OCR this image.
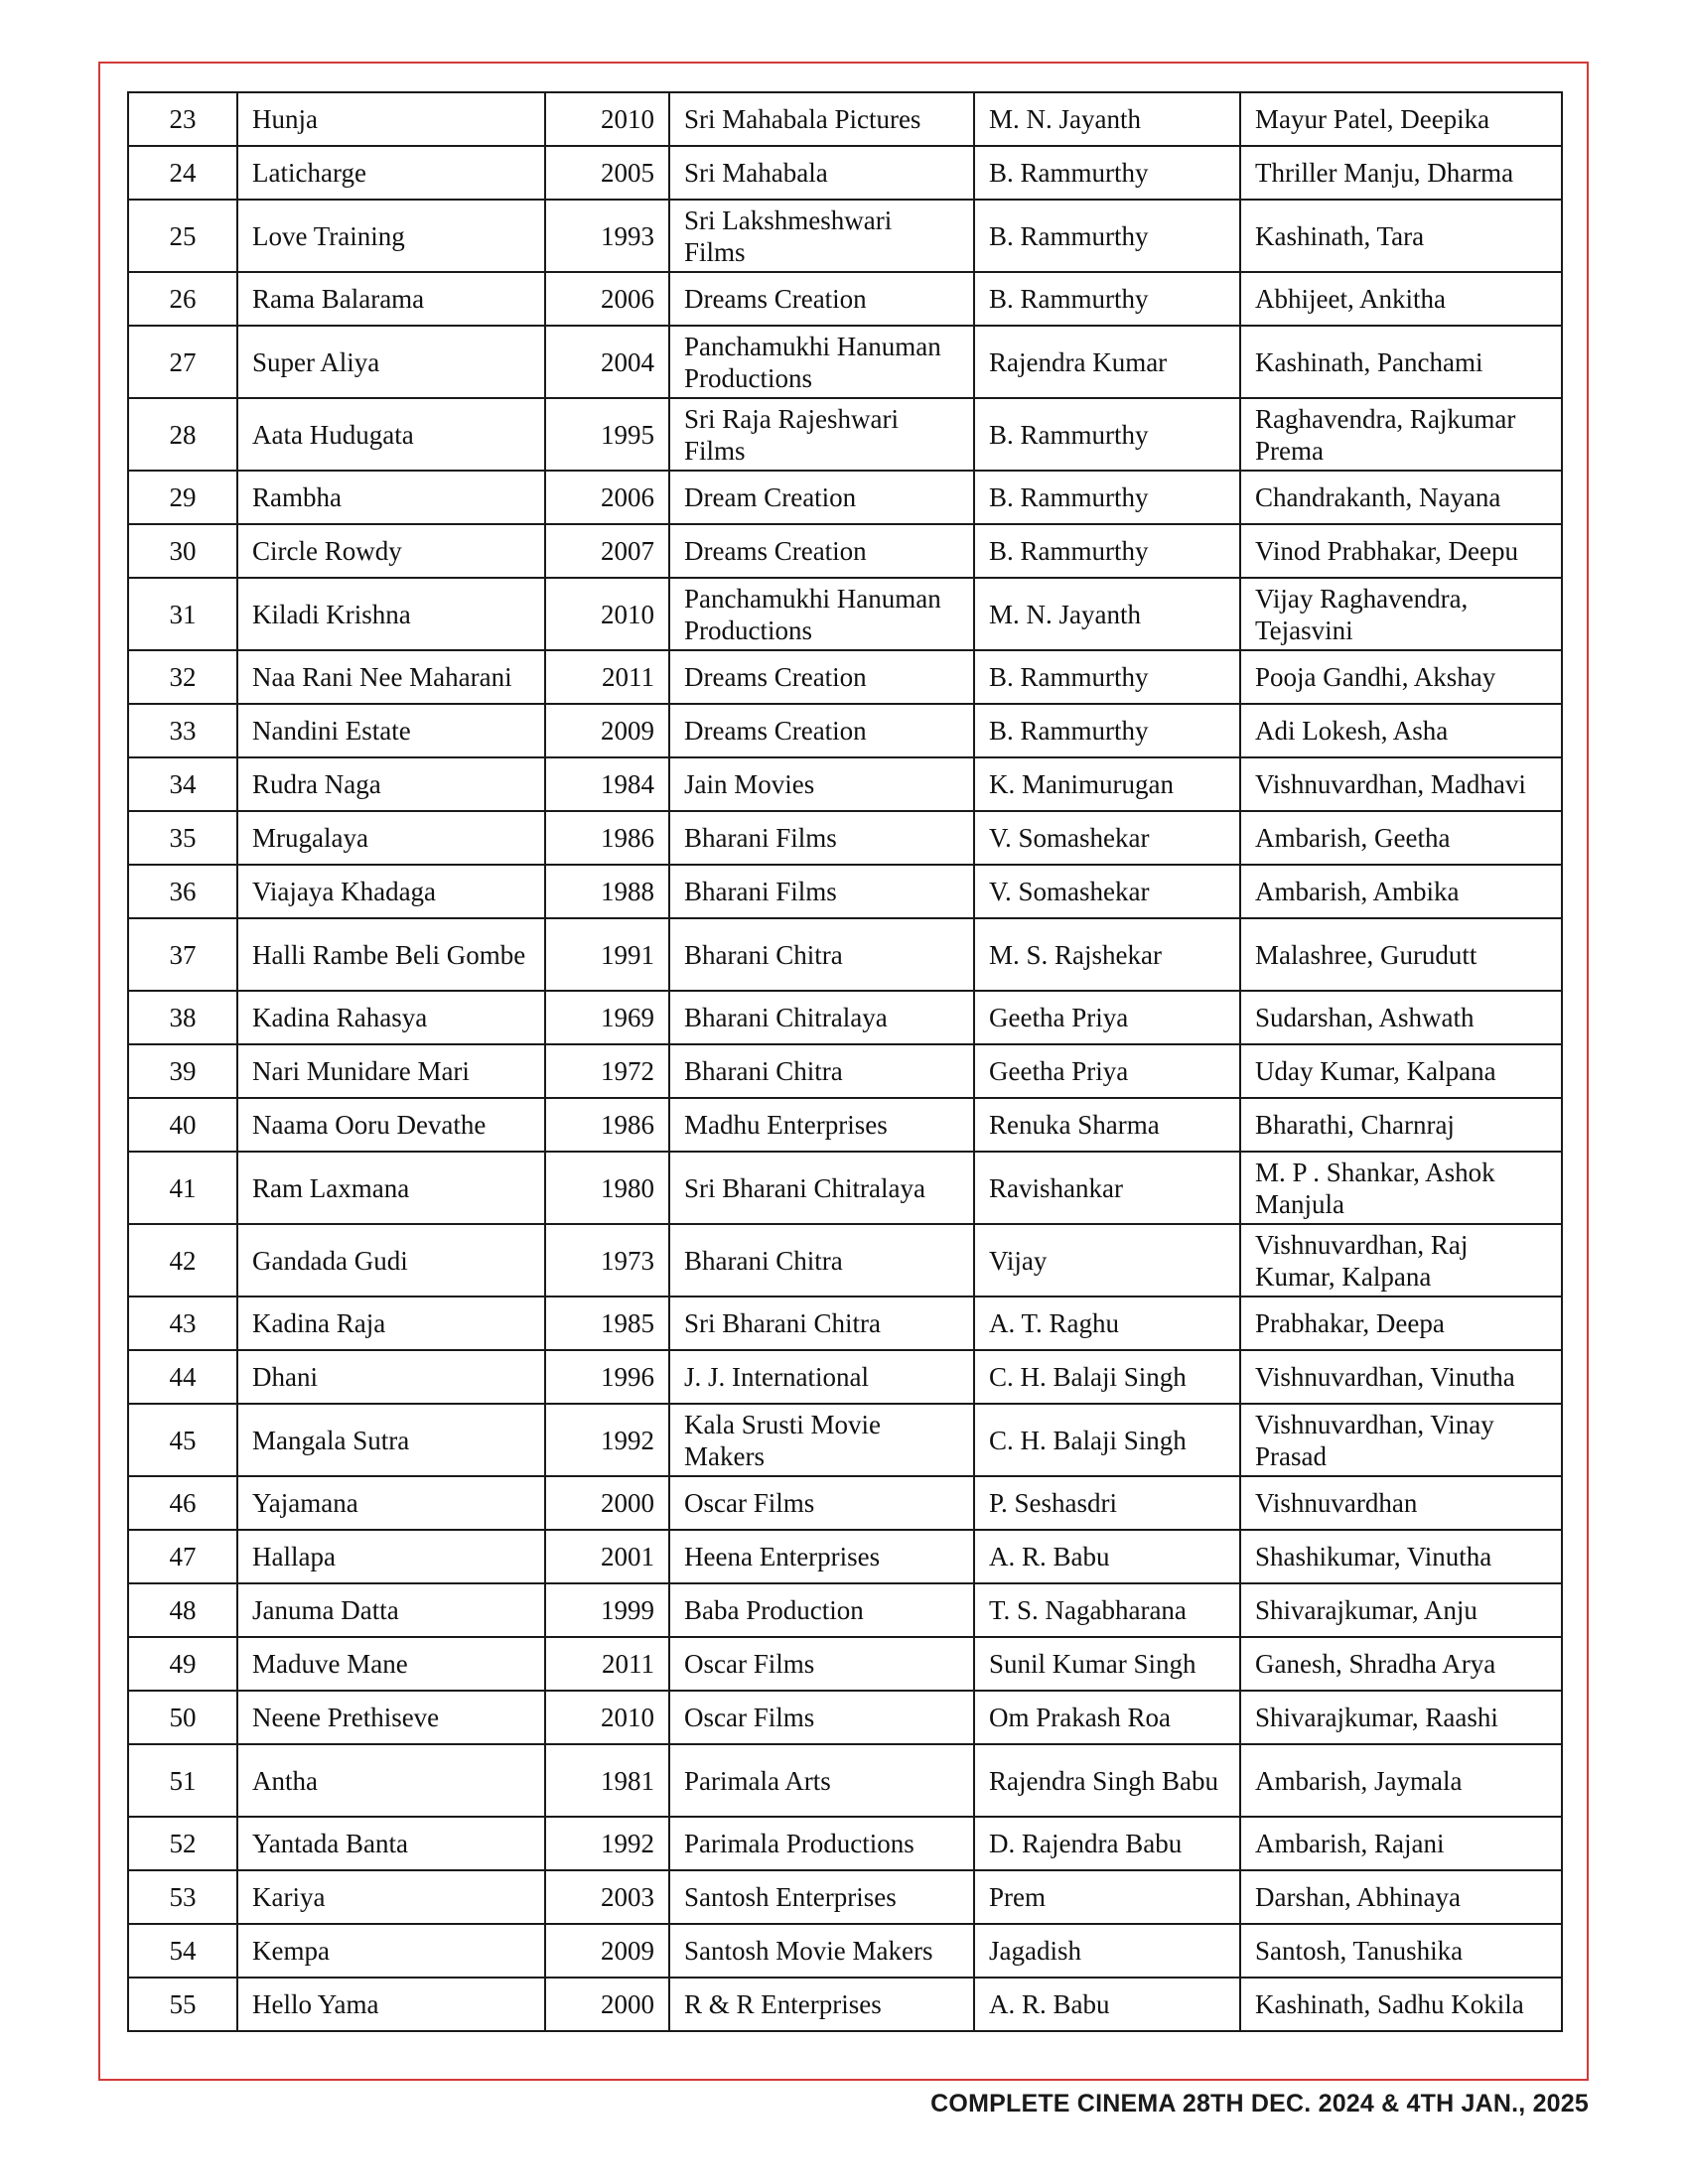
23	Hunja	2010	Sri Mahabala Pictures	M. N. Jayanth	Mayur Patel, Deepika
24	Laticharge	2005	Sri Mahabala	B. Rammurthy	Thriller Manju, Dharma
25	Love Training	1993	Sri Lakshmeshwari Films	B. Rammurthy	Kashinath, Tara
26	Rama Balarama	2006	Dreams Creation	B. Rammurthy	Abhijeet, Ankitha
27	Super Aliya	2004	Panchamukhi Hanuman Productions	Rajendra Kumar	Kashinath, Panchami
28	Aata Hudugata	1995	Sri Raja Rajeshwari Films	B. Rammurthy	Raghavendra, Rajkumar Prema
29	Rambha	2006	Dream Creation	B. Rammurthy	Chandrakanth, Nayana
30	Circle Rowdy	2007	Dreams Creation	B. Rammurthy	Vinod Prabhakar, Deepu
31	Kiladi Krishna	2010	Panchamukhi Hanuman Productions	M. N. Jayanth	Vijay Raghavendra, Tejasvini
32	Naa Rani Nee Maharani	2011	Dreams Creation	B. Rammurthy	Pooja Gandhi, Akshay
33	Nandini Estate	2009	Dreams Creation	B. Rammurthy	Adi Lokesh, Asha
34	Rudra Naga	1984	Jain Movies	K. Manimurugan	Vishnuvardhan, Madhavi
35	Mrugalaya	1986	Bharani Films	V. Somashekar	Ambarish, Geetha
36	Viajaya Khadaga	1988	Bharani Films	V. Somashekar	Ambarish, Ambika
37	Halli Rambe Beli Gombe	1991	Bharani Chitra	M. S. Rajshekar	Malashree, Gurudutt
38	Kadina Rahasya	1969	Bharani Chitralaya	Geetha Priya	Sudarshan, Ashwath
39	Nari Munidare Mari	1972	Bharani Chitra	Geetha Priya	Uday Kumar, Kalpana
40	Naama Ooru Devathe	1986	Madhu Enterprises	Renuka Sharma	Bharathi, Charnraj
41	Ram Laxmana	1980	Sri Bharani Chitralaya	Ravishankar	M. P . Shankar, Ashok Manjula
42	Gandada Gudi	1973	Bharani Chitra	Vijay	Vishnuvardhan, Raj Kumar, Kalpana
43	Kadina Raja	1985	Sri Bharani Chitra	A. T. Raghu	Prabhakar, Deepa
44	Dhani	1996	J. J. International	C. H. Balaji Singh	Vishnuvardhan, Vinutha
45	Mangala Sutra	1992	Kala Srusti Movie Makers	C. H. Balaji Singh	Vishnuvardhan, Vinay Prasad
46	Yajamana	2000	Oscar Films	P. Seshasdri	Vishnuvardhan
47	Hallapa	2001	Heena Enterprises	A. R. Babu	Shashikumar, Vinutha
48	Januma Datta	1999	Baba Production	T. S. Nagabharana	Shivarajkumar, Anju
49	Maduve Mane	2011	Oscar Films	Sunil Kumar Singh	Ganesh, Shradha Arya
50	Neene Prethiseve	2010	Oscar Films	Om Prakash Roa	Shivarajkumar, Raashi
51	Antha	1981	Parimala Arts	Rajendra Singh Babu	Ambarish, Jaymala
52	Yantada Banta	1992	Parimala Productions	D. Rajendra Babu	Ambarish, Rajani
53	Kariya	2003	Santosh Enterprises	Prem	Darshan, Abhinaya
54	Kempa	2009	Santosh Movie Makers	Jagadish	Santosh, Tanushika
55	Hello Yama	2000	R & R Enterprises	A. R. Babu	Kashinath, Sadhu Kokila
COMPLETE CINEMA 28TH DEC. 2024 & 4TH JAN., 2025
